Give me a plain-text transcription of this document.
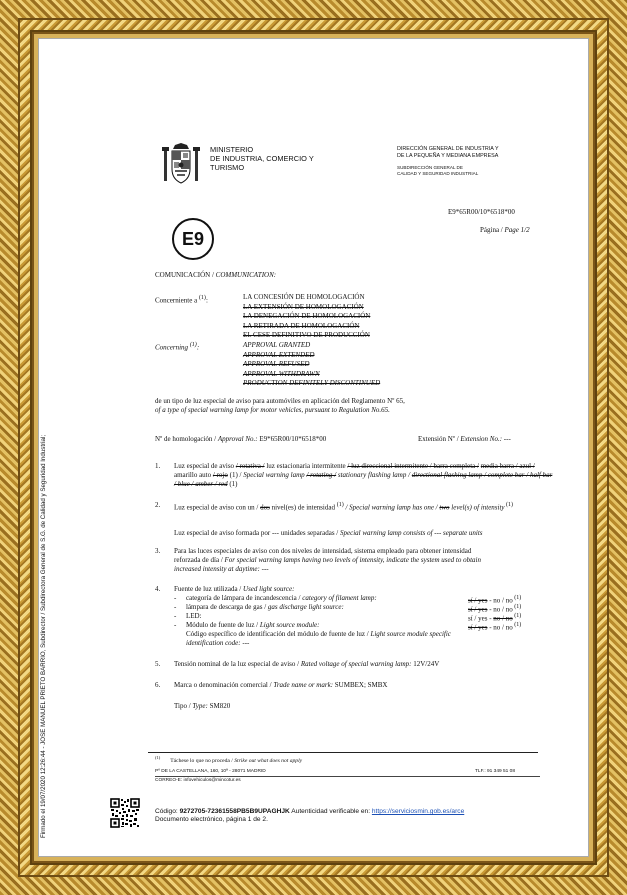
Firmado el 19/07/2020 12:26:44 - JOSE MANUEL PRIETO BARRIO, Subdirector / Subdirectora General de S.G. de Calidad y Seguridad Industrial;
MINISTERIO
DE INDUSTRIA, COMERCIO Y
TURISMO
DIRECCIÓN GENERAL DE INDUSTRIA Y
DE LA PEQUEÑA Y MEDIANA EMPRESA
SUBDIRECCIÓN GENERAL DE
CALIDAD Y SEGURIDAD INDUSTRIAL
E9*65R00/10*6518*00
Página / Page 1/2
E9
COMUNICACIÓN / COMMUNICATION:
Concerniente a $^{(1)}$:	LA CONCESIÓN DE HOMOLOGACIÓN
LA EXTENSIÓN DE HOMOLOGACIÓN
LA DENEGACIÓN DE HOMOLOGACIÓN
LA RETIRADA DE HOMOLOGACIÓN
EL CESE DEFINITIVO DE PRODUCCIÓN
Concerning $^{(1)}$:	APPROVAL GRANTED
APPROVAL EXTENDED
APPROVAL REFUSED
APPROVAL WITHDRAWN
PRODUCTION DEFINITELY DISCONTINUED
de un tipo de luz especial de aviso para automóviles en aplicación del Reglamento Nº 65,
of a type of special warning lamp for motor vehicles, pursuant to Regulation No.65.
Nº de homologación / Approval No.: E9*65R00/10*6518*00	Extensión Nº / Extension No.: ---
1. Luz especial de aviso / rotativa / luz estacionaria intermitente / luz direccional intermitente / barra completa / media barra / azul / amarillo auto / rojo (1) / Special warning lamp / rotating / stationary flashing lamp / directional flashing lamp / complete bar / half bar / blue / amber / red (1)
2. Luz especial de aviso con un / dos nivel(es) de intensidad $^{(1)}$ / Special warning lamp has one / two level(s) of intensity $^{(1)}$
Luz especial de aviso formada por --- unidades separadas / Special warning lamp consists of --- separate units
3. Para las luces especiales de aviso con dos niveles de intensidad, sistema empleado para obtener intensidad
reforzada de día / For special warning lamps having two levels of intensity, indicate the system used to obtain
increased intensity at daytime: ---
4. Fuente de luz utilizada / Used light source:
- categoría de lámpara de incandescencia / category of filament lamp:	sí / yes - no / no $^{(1)}$
- lámpara de descarga de gas / gas discharge light source:	sí / yes - no / no $^{(1)}$
- LED:	sí / yes - no / no $^{(1)}$
- Módulo de fuente de luz / Light source module:	sí / yes - no / no $^{(1)}$
Código específico de identificación del módulo de fuente de luz / Light source module specific
identification code: ---
5. Tensión nominal de la luz especial de aviso / Rated voltage of special warning lamp: 12V/24V
6. Marca o denominación comercial / Trade name or mark: SUMBEX; SMBX
Tipo / Type: SM820
$^{(1)}$Táchese lo que no proceda / Strike out what does not apply
Pº DE LA CASTELLANA, 160, 10ª - 28071 MADRID	TLF.: 91 349 51 08
CORREO-E: infovehiculos@mincotur.es
Código: 9272705-72361558PB5B9UPAGHJK Autenticidad verificable en: https://serviciosmin.gob.es/arce
Documento electrónico, página 1 de 2.
